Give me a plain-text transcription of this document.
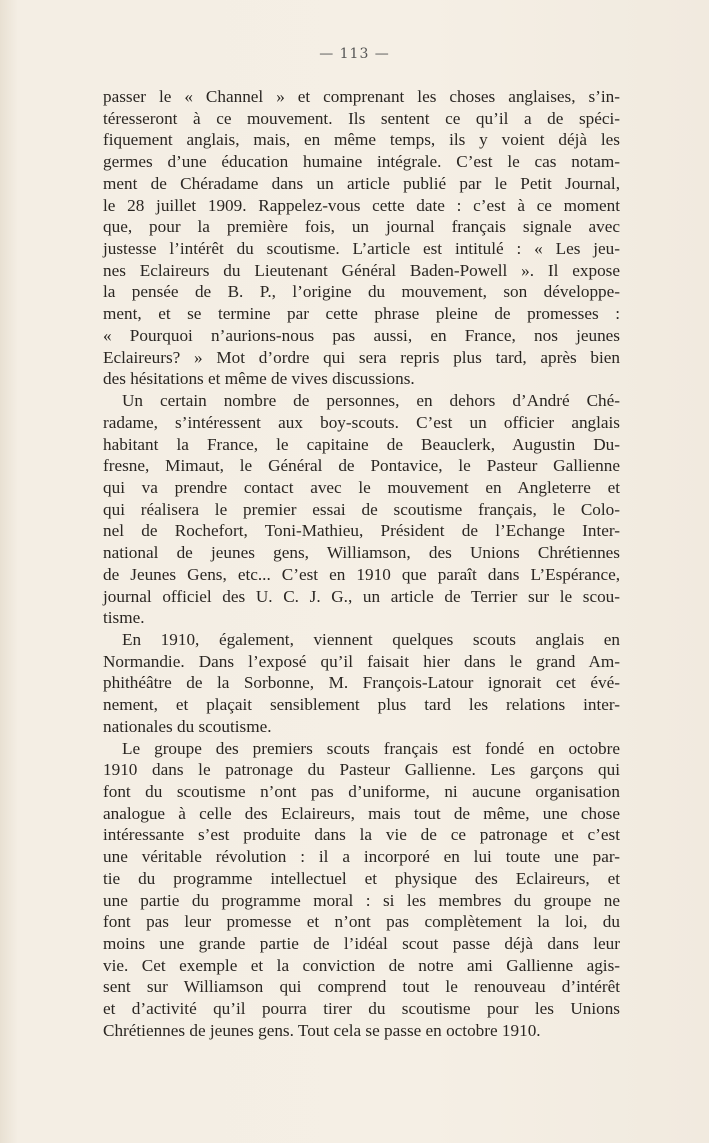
— 113 —
passer le « Channel » et comprenant les choses anglaises, s’in-
téresseront à ce mouvement. Ils sentent ce qu’il a de spéci-
fiquement anglais, mais, en même temps, ils y voient déjà les
germes d’une éducation humaine intégrale. C’est le cas notam-
ment de Chéradame dans un article publié par le Petit Journal,
le 28 juillet 1909. Rappelez-vous cette date : c’est à ce moment
que, pour la première fois, un journal français signale avec
justesse l’intérêt du scoutisme. L’article est intitulé : « Les jeu-
nes Eclaireurs du Lieutenant Général Baden-Powell ». Il expose
la pensée de B. P., l’origine du mouvement, son développe-
ment, et se termine par cette phrase pleine de promesses :
« Pourquoi n’aurions-nous pas aussi, en France, nos jeunes
Eclaireurs? » Mot d’ordre qui sera repris plus tard, après bien
des hésitations et même de vives discussions.
Un certain nombre de personnes, en dehors d’André Ché-
radame, s’intéressent aux boy-scouts. C’est un officier anglais
habitant la France, le capitaine de Beauclerk, Augustin Du-
fresne, Mimaut, le Général de Pontavice, le Pasteur Gallienne
qui va prendre contact avec le mouvement en Angleterre et
qui réalisera le premier essai de scoutisme français, le Colo-
nel de Rochefort, Toni-Mathieu, Président de l’Echange Inter-
national de jeunes gens, Williamson, des Unions Chrétiennes
de Jeunes Gens, etc... C’est en 1910 que paraît dans L’Espérance,
journal officiel des U. C. J. G., un article de Terrier sur le scou-
tisme.
En 1910, également, viennent quelques scouts anglais en
Normandie. Dans l’exposé qu’il faisait hier dans le grand Am-
phithéâtre de la Sorbonne, M. François-Latour ignorait cet évé-
nement, et plaçait sensiblement plus tard les relations inter-
nationales du scoutisme.
Le groupe des premiers scouts français est fondé en octobre
1910 dans le patronage du Pasteur Gallienne. Les garçons qui
font du scoutisme n’ont pas d’uniforme, ni aucune organisation
analogue à celle des Eclaireurs, mais tout de même, une chose
intéressante s’est produite dans la vie de ce patronage et c’est
une véritable révolution : il a incorporé en lui toute une par-
tie du programme intellectuel et physique des Eclaireurs, et
une partie du programme moral : si les membres du groupe ne
font pas leur promesse et n’ont pas complètement la loi, du
moins une grande partie de l’idéal scout passe déjà dans leur
vie. Cet exemple et la conviction de notre ami Gallienne agis-
sent sur Williamson qui comprend tout le renouveau d’intérêt
et d’activité qu’il pourra tirer du scoutisme pour les Unions
Chrétiennes de jeunes gens. Tout cela se passe en octobre 1910.
